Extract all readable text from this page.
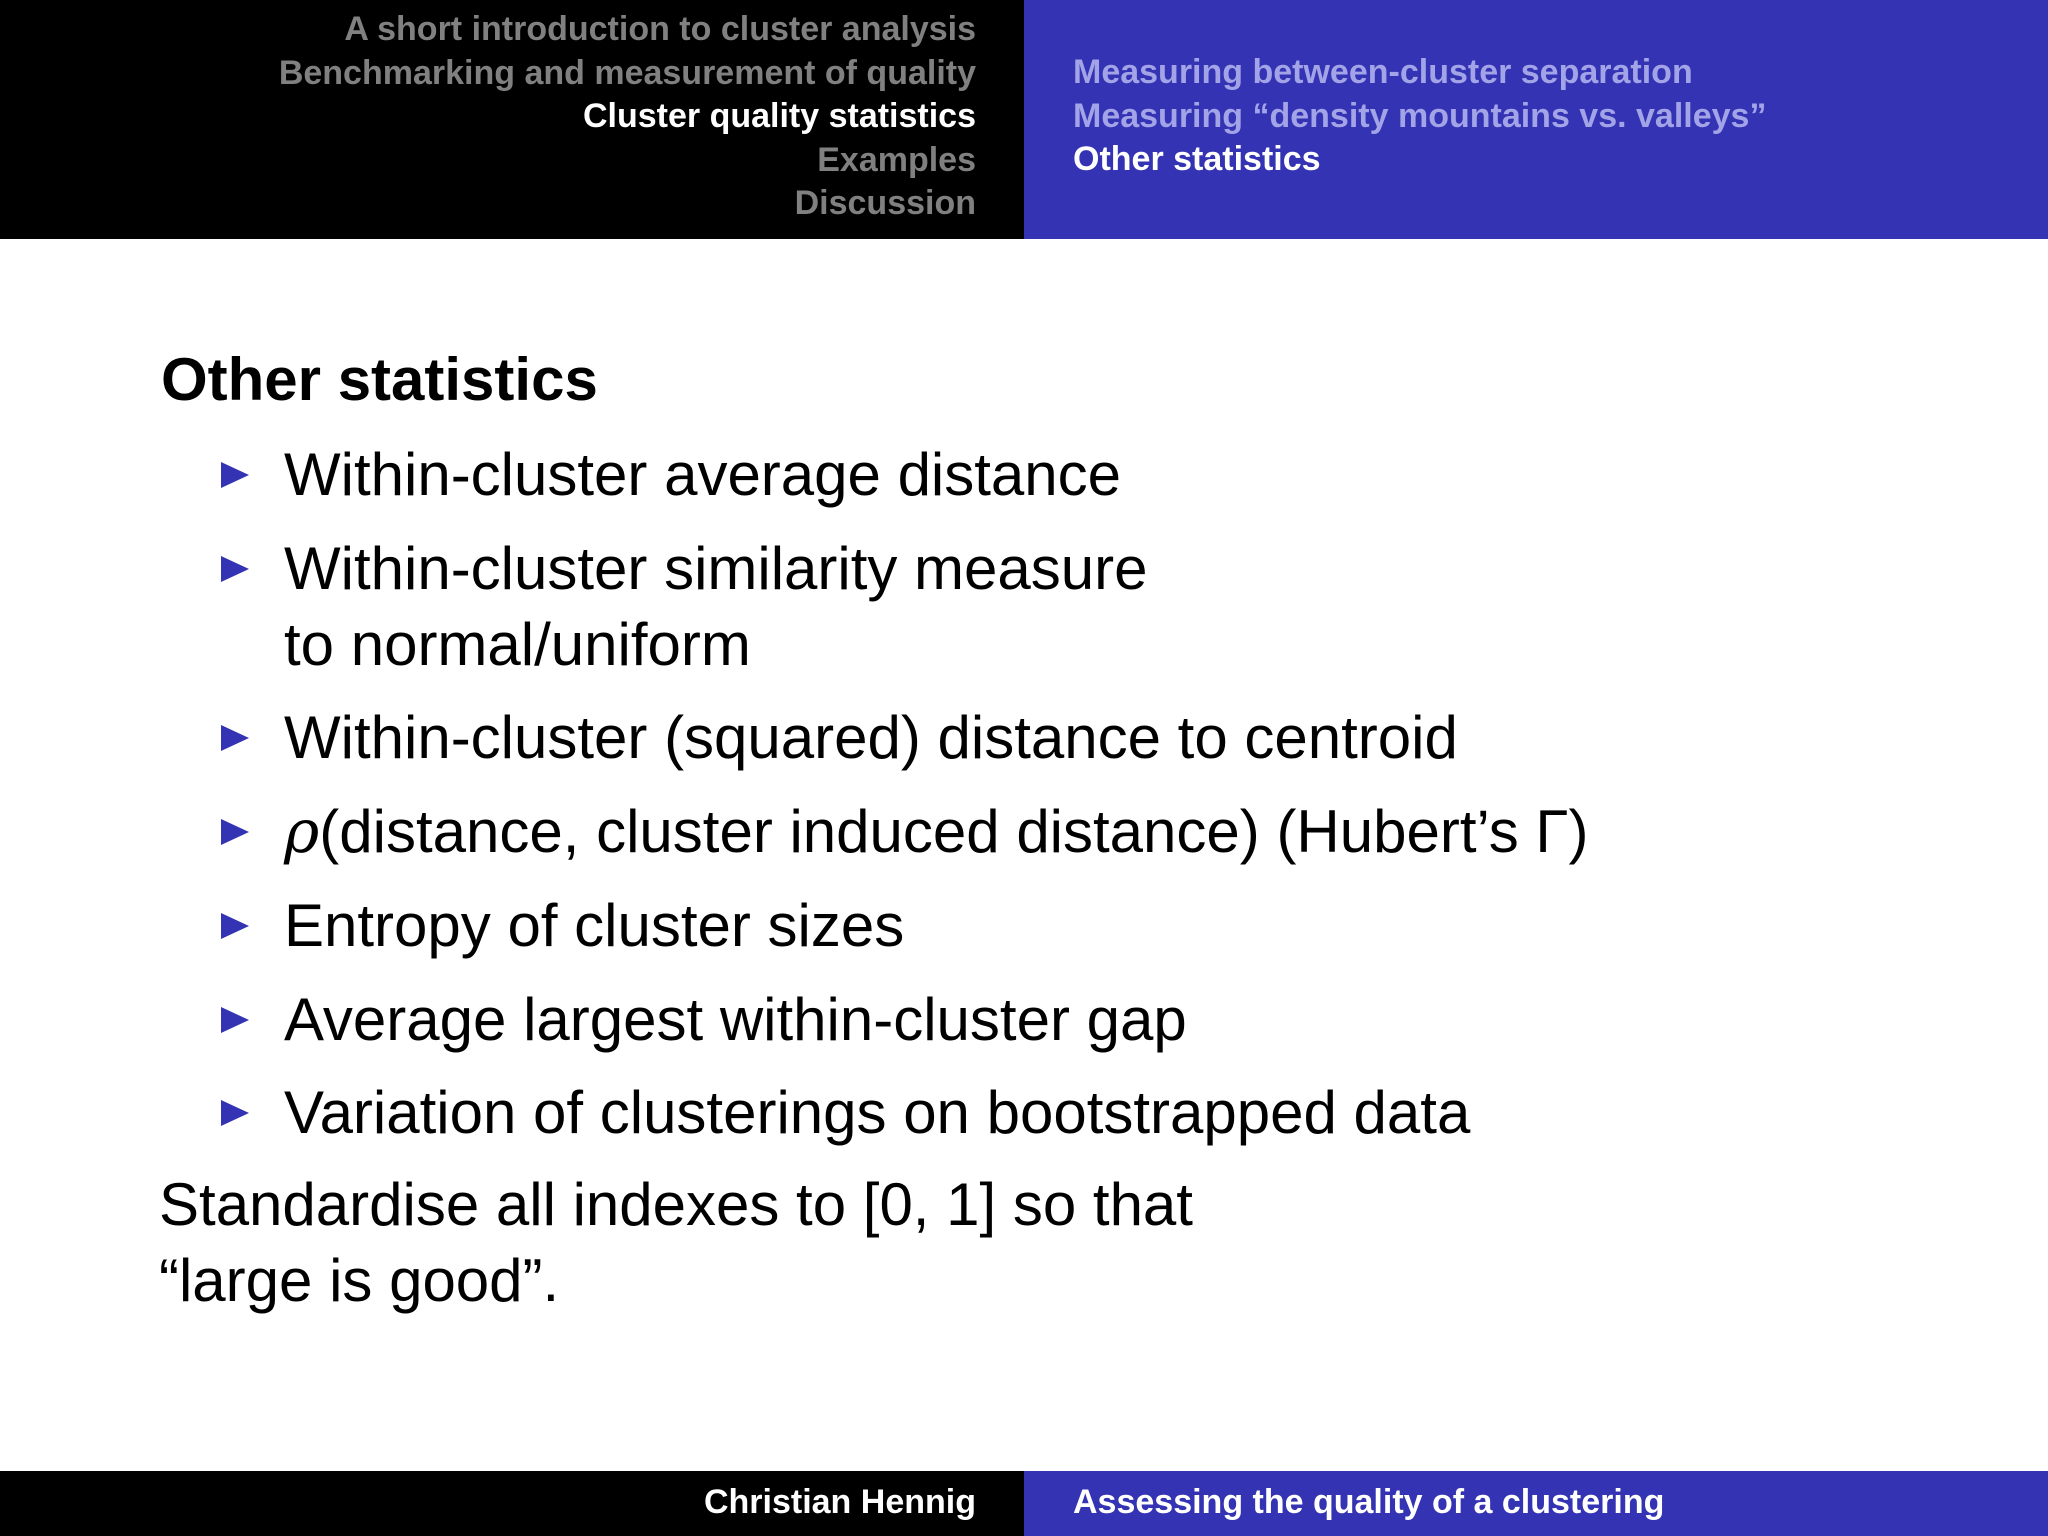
A short introduction to cluster analysis
Benchmarking and measurement of quality
Cluster quality statistics
Examples
Discussion
Measuring between-cluster separation
Measuring “density mountains vs. valleys”
Other statistics
Other statistics
Within-cluster average distance
Within-cluster similarity measure
to normal/uniform
Within-cluster (squared) distance to centroid
ρ(distance, cluster induced distance) (Hubert’s Γ)
Entropy of cluster sizes
Average largest within-cluster gap
Variation of clusterings on bootstrapped data

Standardise all indexes to [0, 1] so that
“large is good”.

Christian Hennig	Assessing the quality of a clustering
